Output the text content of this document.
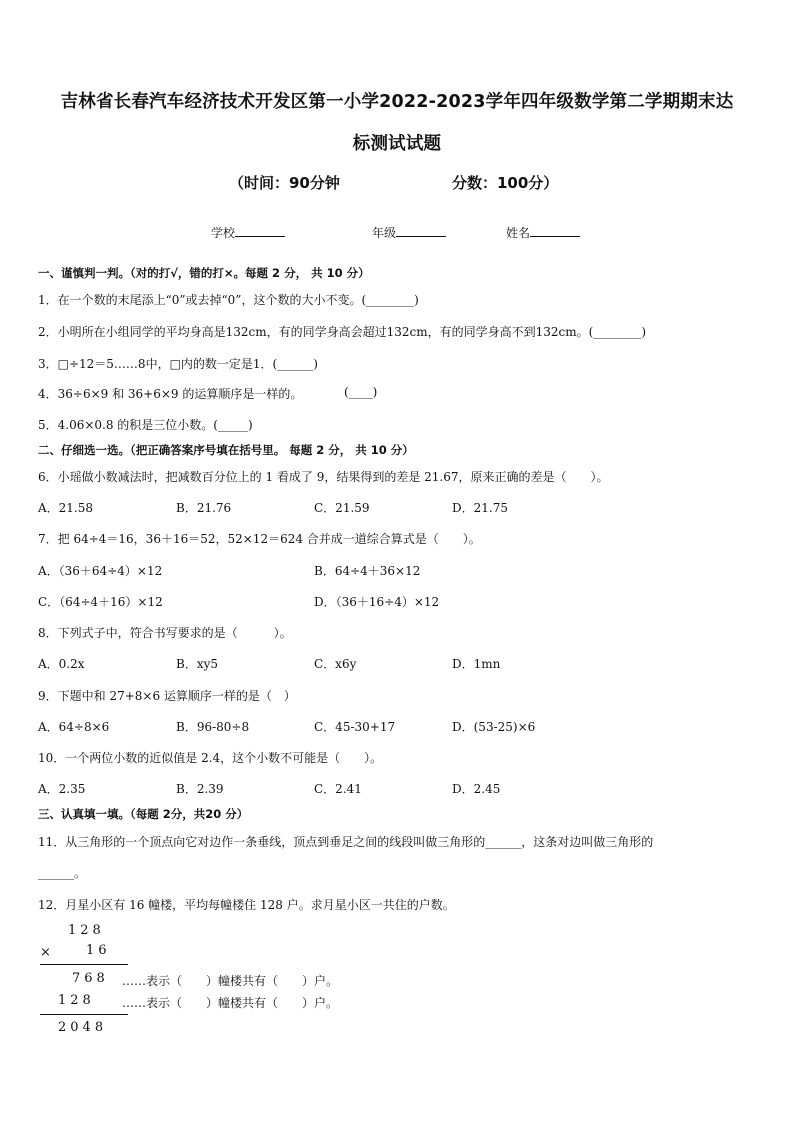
吉林省长春汽车经济技术开发区第一小学2022-2023学年四年级数学第二学期期末达
标测试试题
（时间：90分钟	分数：100分）
学校	年级	姓名
一、谨慎判一判。（对的打√，错的打×。每题 2 分， 共 10 分）
1．在一个数的末尾添上“0”或去掉“0”，这个数的大小不变。(________)
2．小明所在小组同学的平均身高是132cm，有的同学身高会超过132cm，有的同学身高不到132cm。(________)
3．□÷12＝5……8中，□内的数一定是1．(______)
4．36÷6×9 和 36+6×9 的运算顺序是一样的。	(____)
5．4.06×0.8 的积是三位小数。(_____)
二、仔细选一选。（把正确答案序号填在括号里。 每题 2 分， 共 10 分）
6．小瑶做小数减法时，把减数百分位上的 1 看成了 9，结果得到的差是 21.67，原来正确的差是（　　）。
A．21.58	B．21.76	C．21.59	D．21.75
7．把 64÷4＝16，36＋16＝52，52×12＝624 合并成一道综合算式是（　　）。
A．（36＋64÷4）×12	B．64÷4＋36×12
C．（64÷4＋16）×12	D．（36＋16÷4）×12
8．下列式子中，符合书写要求的是（　　　）。
A．0.2x	B．xy5	C．x6y	D．1mn
9．下题中和 27+8×6 运算顺序一样的是（　）
A．64÷8×6	B．96-80÷8	C．45-30+17	D．(53-25)×6
10．一个两位小数的近似值是 2.4，这个小数不可能是（　　）。
A．2.35	B．2.39	C．2.41	D．2.45
三、认真填一填。（每题 2分，共20 分）
11．从三角形的一个顶点向它对边作一条垂线，顶点到垂足之间的线段叫做三角形的______，这条对边叫做三角形的
______。
12．月星小区有 16 幢楼，平均每幢楼住 128 户。求月星小区一共住的户数。
128
× 16
768 ……表示（　　）幢楼共有（　　）户。
128 ……表示（　　）幢楼共有（　　）户。
2048
